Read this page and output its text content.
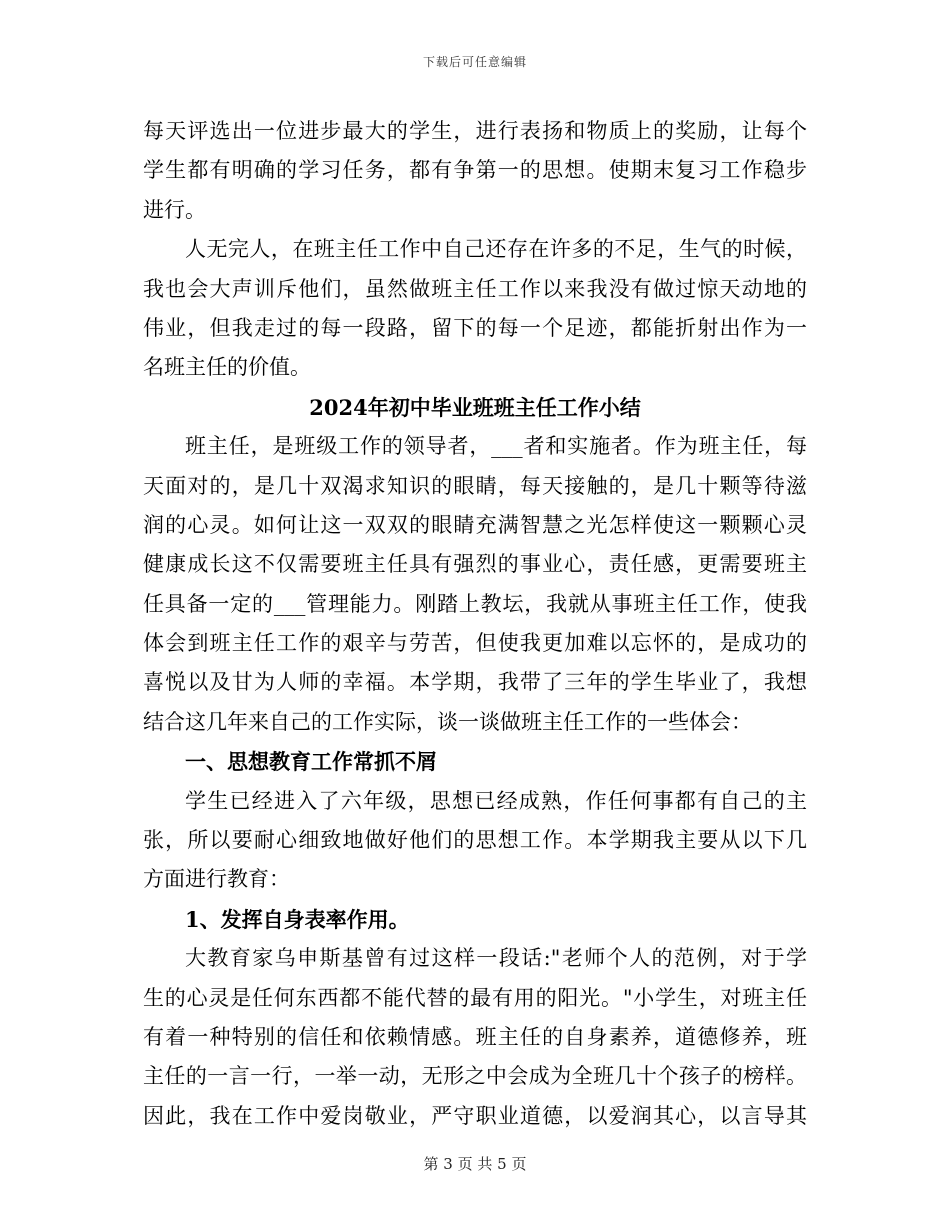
下载后可任意编辑
每天评选出一位进步最大的学生，进行表扬和物质上的奖励，让每个
学生都有明确的学习任务，都有争第一的思想。使期末复习工作稳步
进行。
人无完人，在班主任工作中自己还存在许多的不足，生气的时候，
我也会大声训斥他们，虽然做班主任工作以来我没有做过惊天动地的
伟业，但我走过的每一段路，留下的每一个足迹，都能折射出作为一
名班主任的价值。
2024年初中毕业班班主任工作小结
班主任，是班级工作的领导者，___者和实施者。作为班主任，每
天面对的，是几十双渴求知识的眼睛，每天接触的，是几十颗等待滋
润的心灵。如何让这一双双的眼睛充满智慧之光怎样使这一颗颗心灵
健康成长这不仅需要班主任具有强烈的事业心，责任感，更需要班主
任具备一定的___管理能力。刚踏上教坛，我就从事班主任工作，使我
体会到班主任工作的艰辛与劳苦，但使我更加难以忘怀的，是成功的
喜悦以及甘为人师的幸福。本学期，我带了三年的学生毕业了，我想
结合这几年来自己的工作实际，谈一谈做班主任工作的一些体会：
一、思想教育工作常抓不屑
学生已经进入了六年级，思想已经成熟，作任何事都有自己的主
张，所以要耐心细致地做好他们的思想工作。本学期我主要从以下几
方面进行教育：
1、发挥自身表率作用。
大教育家乌申斯基曾有过这样一段话:"老师个人的范例，对于学
生的心灵是任何东西都不能代替的最有用的阳光。"小学生，对班主任
有着一种特别的信任和依赖情感。班主任的自身素养，道德修养，班
主任的一言一行，一举一动，无形之中会成为全班几十个孩子的榜样。
因此，我在工作中爱岗敬业，严守职业道德，以爱润其心，以言导其
第 3 页 共 5 页
